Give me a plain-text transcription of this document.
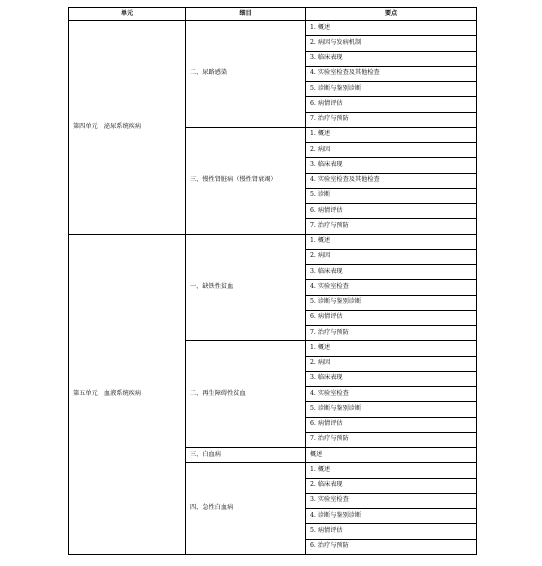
单元	细目	要点
第四单元　泌尿系统疾病	二、尿路感染	1. 概述
		2. 病因与发病机制
		3. 临床表现
		4. 实验室检查及其他检查
		5. 诊断与鉴别诊断
		6. 病情评估
		7. 治疗与预防
	三、慢性肾脏病（慢性肾衰竭）	1. 概述
		2. 病因
		3. 临床表现
		4. 实验室检查及其他检查
		5. 诊断
		6. 病情评估
		7. 治疗与预防
第五单元　血液系统疾病	一、缺铁性贫血	1. 概述
		2. 病因
		3. 临床表现
		4. 实验室检查
		5. 诊断与鉴别诊断
		6. 病情评估
		7. 治疗与预防
	二、再生障碍性贫血	1. 概述
		2. 病因
		3. 临床表现
		4. 实验室检查
		5. 诊断与鉴别诊断
		6. 病情评估
		7. 治疗与预防
	三、白血病	概述
	四、急性白血病	1. 概述
		2. 临床表现
		3. 实验室检查
		4. 诊断与鉴别诊断
		5. 病情评估
		6. 治疗与预防
